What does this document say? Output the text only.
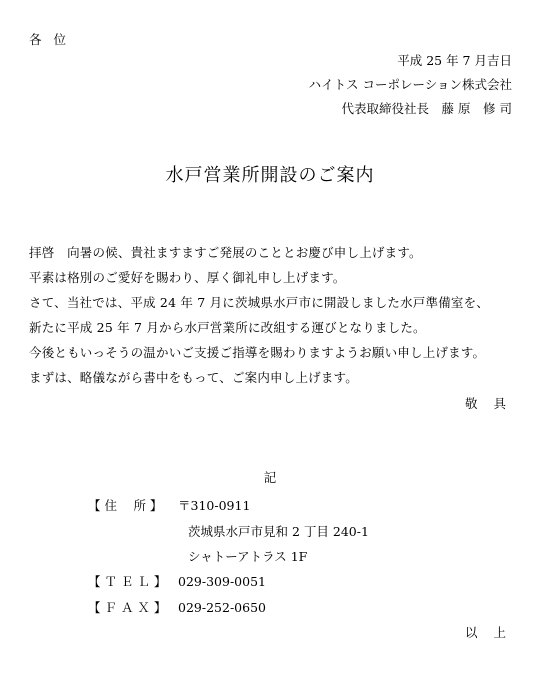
各 位
平成 25 年 7 月吉日
ハイトス コーポレーション株式会社
代表取締役社長　藤 原　修 司
水戸営業所開設のご案内
拝啓　向暑の候、貴社ますますご発展のこととお慶び申し上げます。
平素は格別のご愛好を賜わり、厚く御礼申し上げます。
さて、当社では、平成 24 年 7 月に茨城県水戸市に開設しました水戸準備室を、
新たに平成 25 年 7 月から水戸営業所に改組する運びとなりました。
今後ともいっそうの温かいご支援ご指導を賜わりますようお願い申し上げます。
まずは、略儀ながら書中をもって、ご案内申し上げます。
敬 具
記
【 住　 所 】 〒310-0911
茨城県水戸市見和 2 丁目 240-1
シャトーアトラス 1F
【 Ｔ Ｅ Ｌ 】 029-309-0051
【 Ｆ Ａ Ｘ 】 029-252-0650
以 上
